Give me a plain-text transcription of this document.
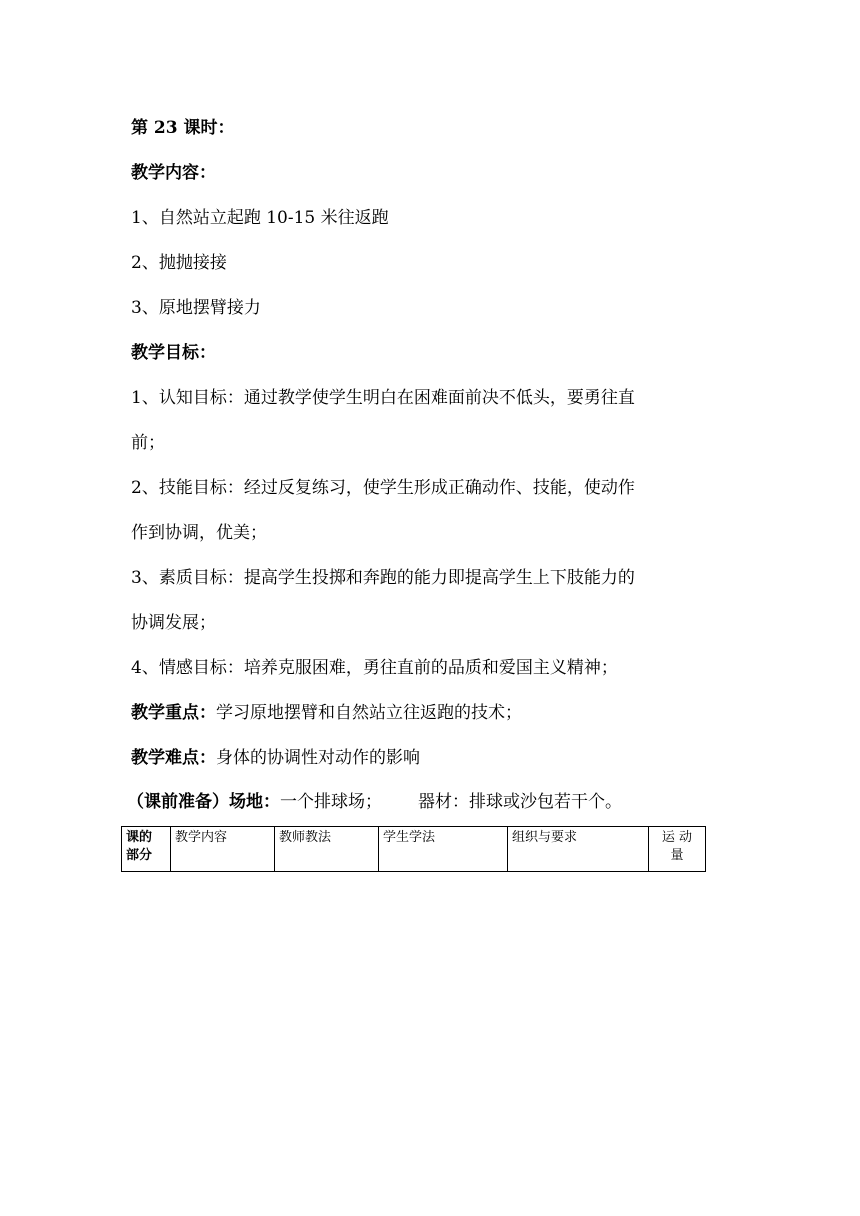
第 23 课时：
教学内容：
1、自然站立起跑 10-15 米往返跑
2、抛抛接接
3、原地摆臂接力
教学目标：
1、认知目标：通过教学使学生明白在困难面前决不低头，要勇往直
前；
2、技能目标：经过反复练习，使学生形成正确动作、技能，使动作
作到协调，优美；
3、素质目标：提高学生投掷和奔跑的能力即提高学生上下肢能力的
协调发展；
4、情感目标：培养克服困难，勇往直前的品质和爱国主义精神；
教学重点：学习原地摆臂和自然站立往返跑的技术；
教学难点：身体的协调性对动作的影响
（课前准备）场地：一个排球场； 器材：排球或沙包若干个。
课的
部分	教学内容	教师教法	学生学法	组织与要求	运 动
量
